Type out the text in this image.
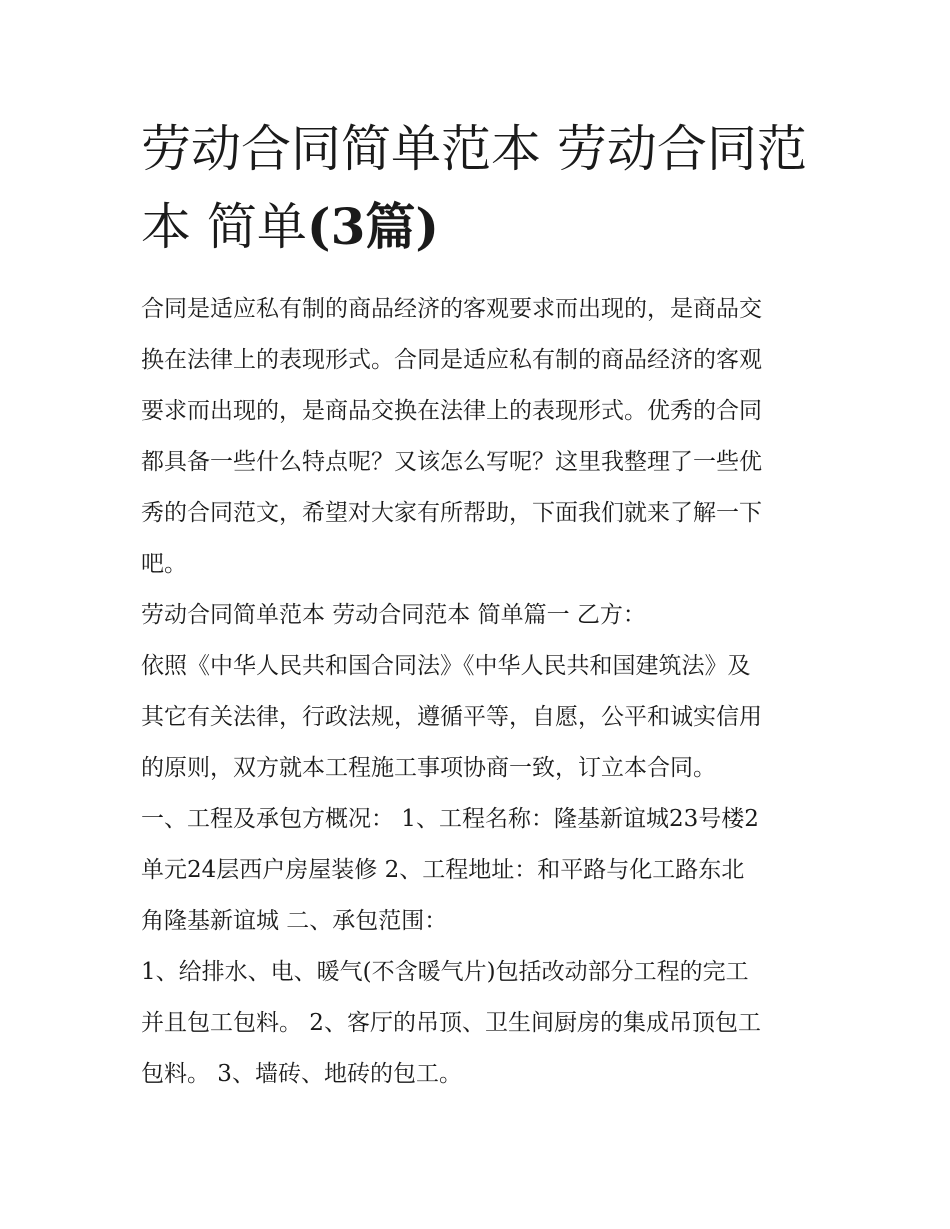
劳动合同简单范本 劳动合同范
本 简单(3篇)
合同是适应私有制的商品经济的客观要求而出现的，是商品交
换在法律上的表现形式。合同是适应私有制的商品经济的客观
要求而出现的，是商品交换在法律上的表现形式。优秀的合同
都具备一些什么特点呢？又该怎么写呢？这里我整理了一些优
秀的合同范文，希望对大家有所帮助，下面我们就来了解一下
吧。
劳动合同简单范本 劳动合同范本 简单篇一 乙方：
依照《中华人民共和国合同法》《中华人民共和国建筑法》及
其它有关法律，行政法规，遵循平等，自愿，公平和诚实信用
的原则，双方就本工程施工事项协商一致，订立本合同。
一、工程及承包方概况： 1、工程名称：隆基新谊城23号楼2
单元24层西户房屋装修 2、工程地址：和平路与化工路东北
角隆基新谊城 二、承包范围：
1、给排水、电、暖气(不含暖气片)包括改动部分工程的完工
并且包工包料。 2、客厅的吊顶、卫生间厨房的集成吊顶包工
包料。 3、墙砖、地砖的包工。
